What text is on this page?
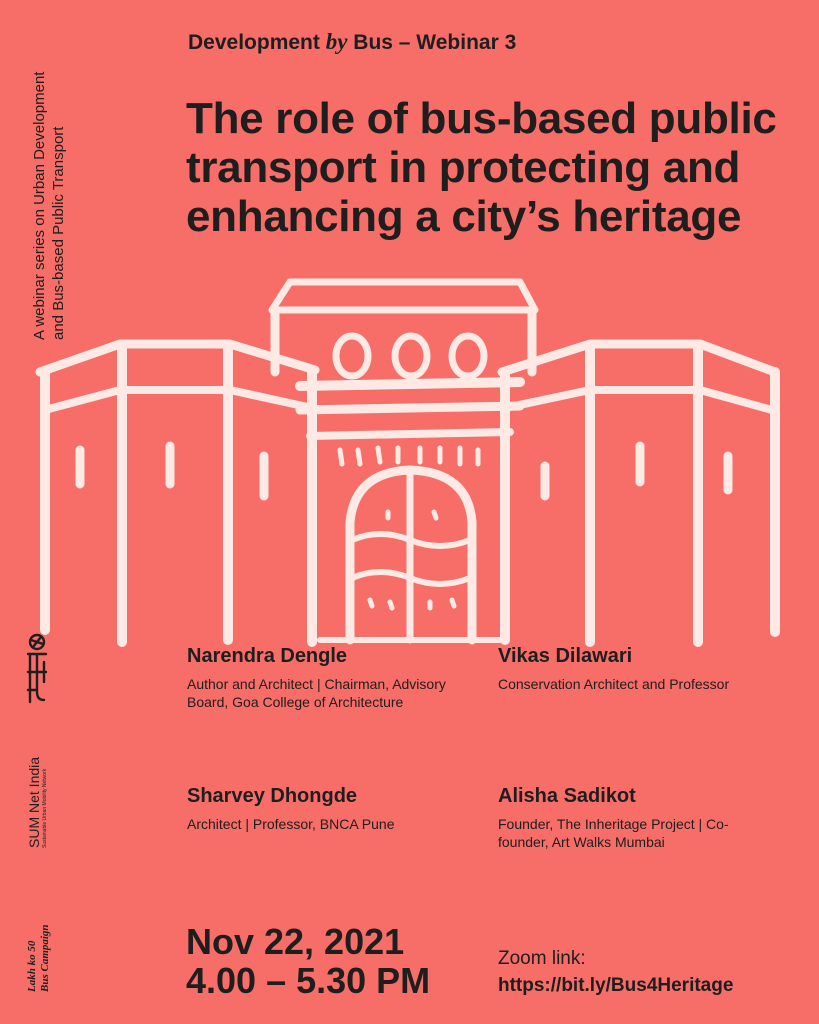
Development by Bus – Webinar 3
The role of bus-based public transport in protecting and enhancing a city’s heritage
A webinar series on Urban Development and Bus-based Public Transport
SUM Net India Sustainable Urban Mobility Network
Lakh ko 50 Bus Campaign
Narendra Dengle
Author and Architect | Chairman, Advisory Board, Goa College of Architecture
Vikas Dilawari
Conservation Architect and Professor
Sharvey Dhongde
Architect | Professor, BNCA Pune
Alisha Sadikot
Founder, The Inheritage Project | Co-founder, Art Walks Mumbai
Nov 22, 2021
4.00 – 5.30 PM
Zoom link: https://bit.ly/Bus4Heritage
